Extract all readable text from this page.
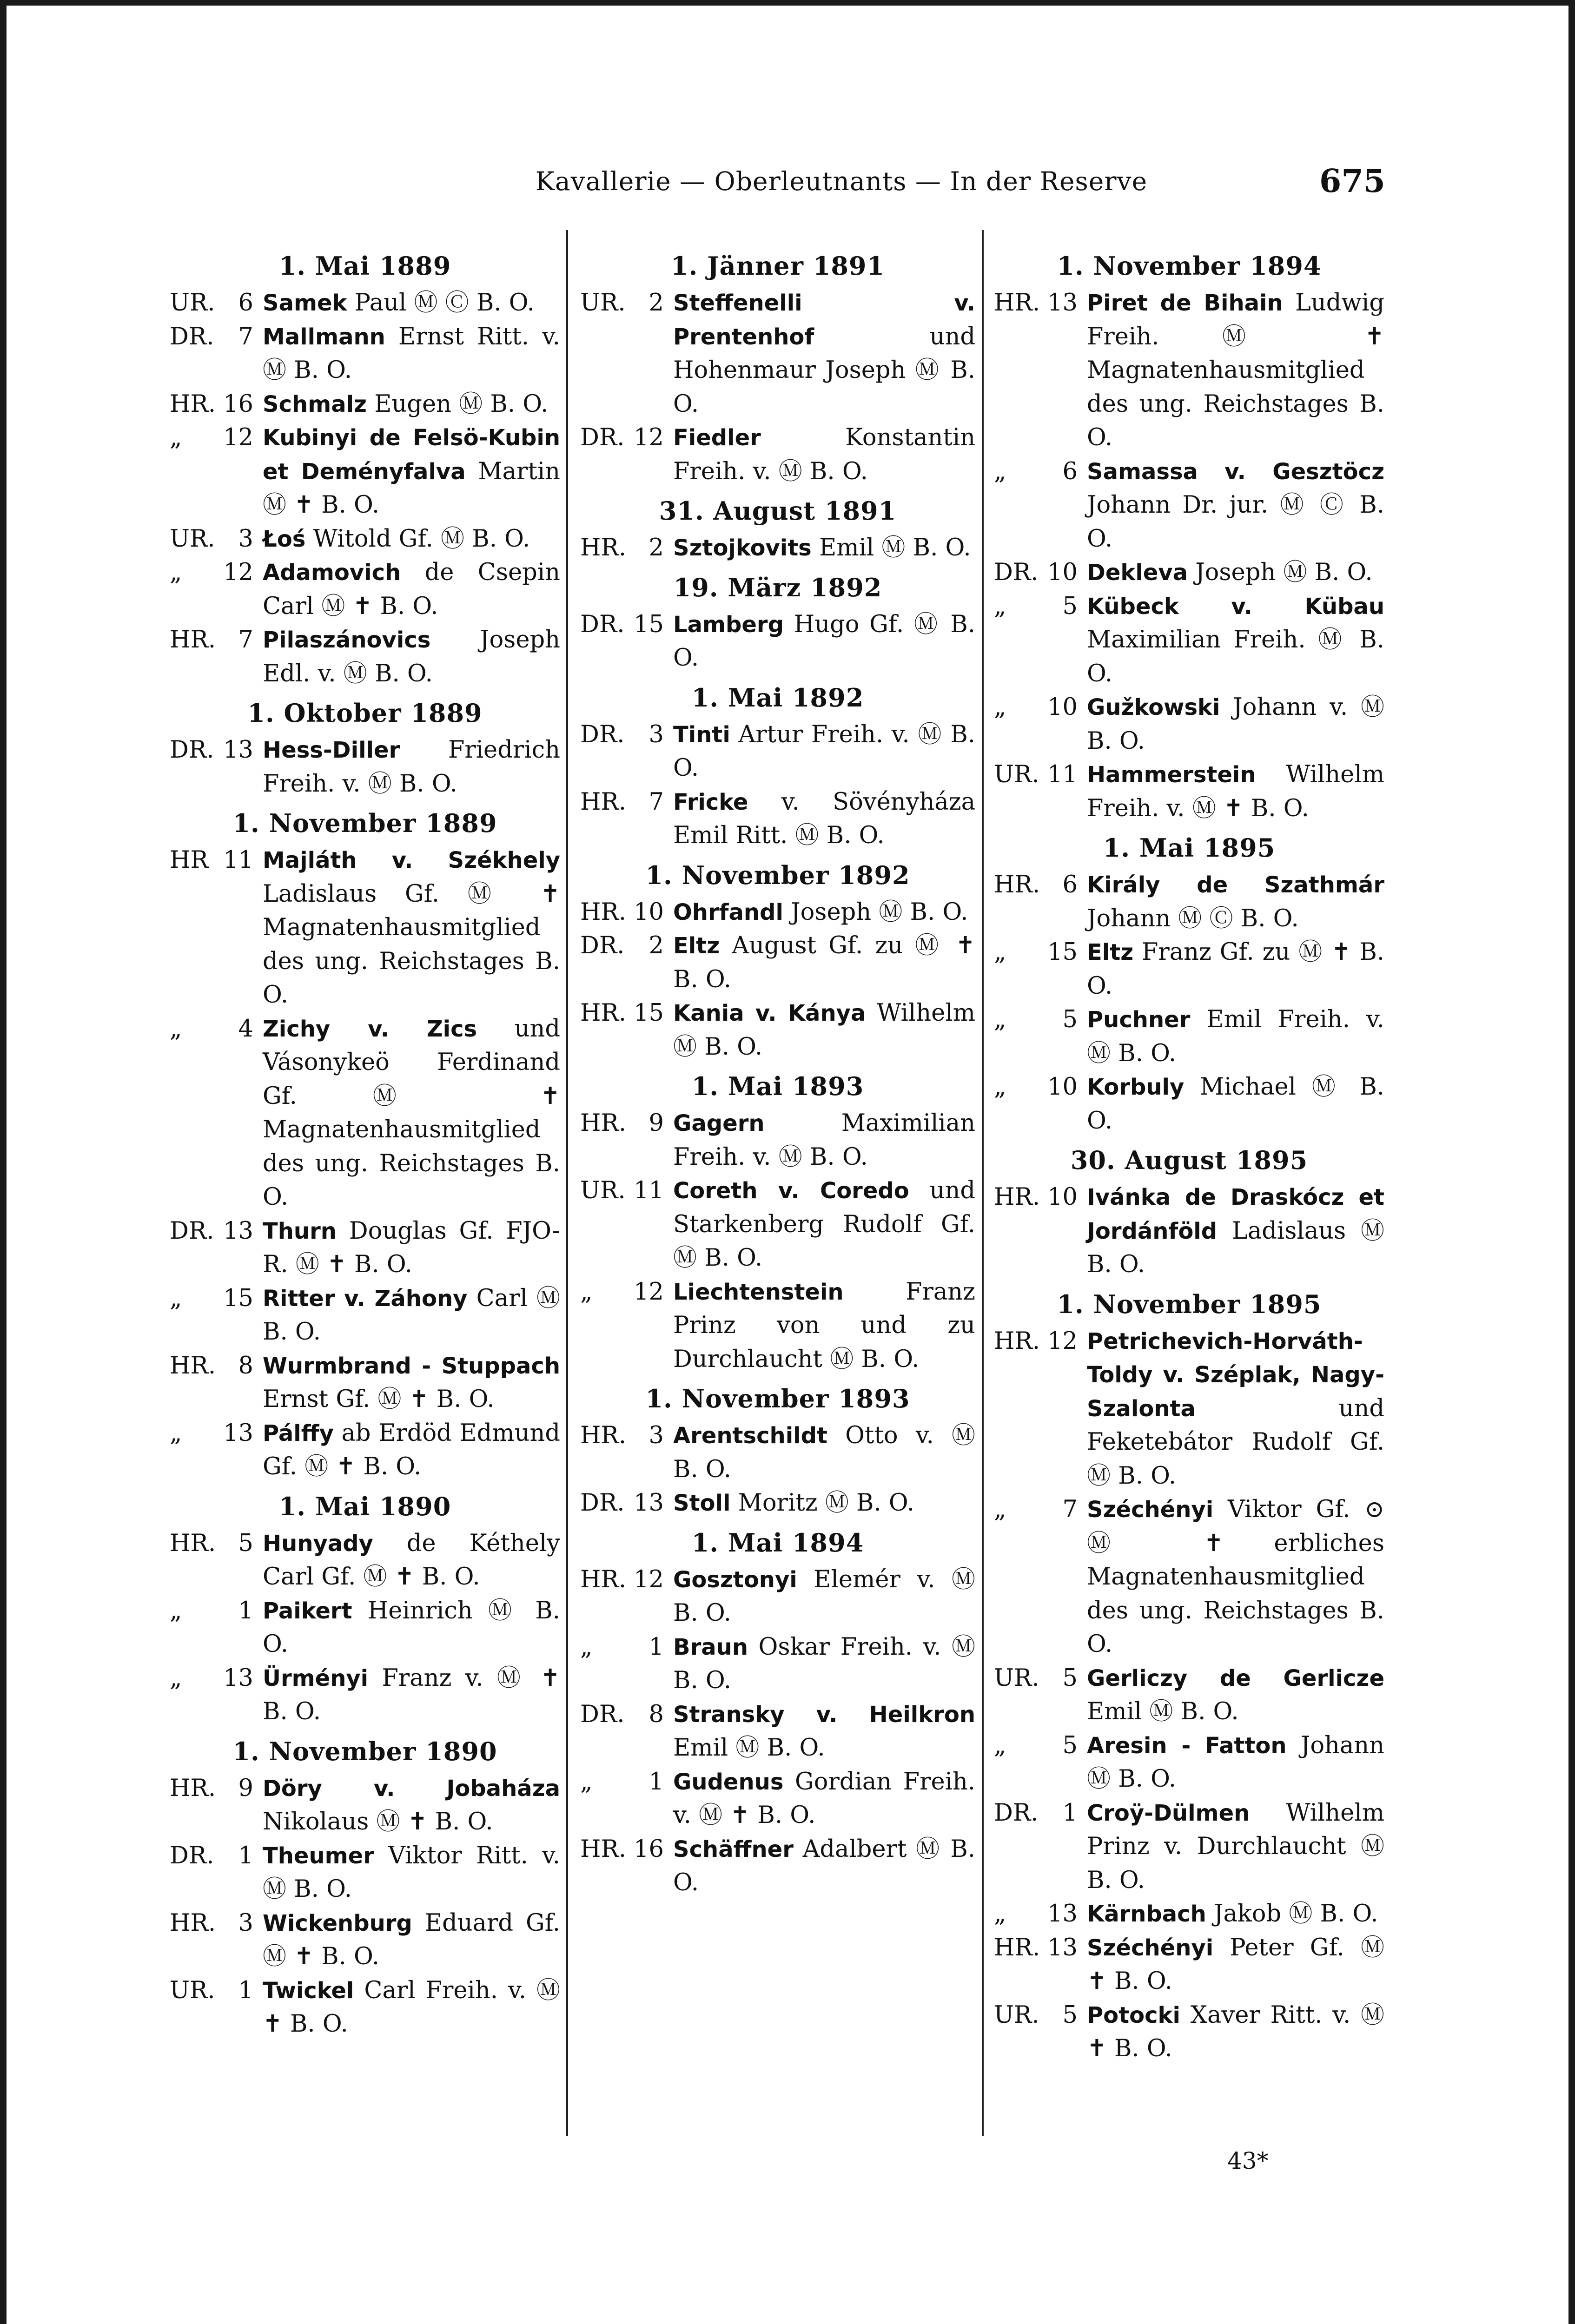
Kavallerie — Oberleutnants — In der Reserve	675
1. Mai 1889
UR. 6 Samek Paul Ⓜ Ⓒ B. O.
DR.	7 Mallmann Ernst Ritt. v. Ⓜ B. O.
HR. 16 Schmalz Eugen Ⓜ B. O.
„	12 Kubinyi de Felsö-Kubin et Deményfalva Martin Ⓜ ✝ B. O.
UR. 3 Łoś Witold Gf. Ⓜ B. O.
„	12 Adamovich de Csepin Carl Ⓜ ✝ B. O.
HR. 7 Pilaszánovics Joseph Edl. v. Ⓜ B. O.
1. Oktober 1889
DR. 13 Hess-Diller Friedrich Freih. v. Ⓜ B. O.
1. November 1889
HR 11 Majláth v. Székhely Ladislaus Gf. Ⓜ ✝ Magnatenhausmitglied des ung. Reichstages B. O.
„	4 Zichy v. Zics und Vásonykeö Ferdinand Gf. Ⓜ ✝ Magnatenhausmitglied des ung. Reichstages B. O.
DR. 13 Thurn Douglas Gf. FJO-R. Ⓜ ✝ B. O.
„	15 Ritter v. Záhony Carl Ⓜ B. O.
HR. 8 Wurmbrand - Stuppach Ernst Gf. Ⓜ ✝ B. O.
„	13 Pálffy ab Erdöd Edmund Gf. Ⓜ ✝ B. O.
1. Mai 1890
HR. 5 Hunyady de Kéthely Carl Gf. Ⓜ ✝ B. O.
„	1 Paikert Heinrich Ⓜ B. O.
„	13 Ürményi Franz v. Ⓜ ✝ B. O.
1. November 1890
HR. 9 Döry v. Jobaháza Nikolaus Ⓜ ✝ B. O.
DR.	1 Theumer Viktor Ritt. v. Ⓜ B. O.
HR. 3 Wickenburg Eduard Gf. Ⓜ ✝ B. O.
UR. 1 Twickel Carl Freih. v. Ⓜ ✝ B. O.
1. Jänner 1891
UR. 2 Steffenelli v. Prentenhof	und Hohenmaur Joseph Ⓜ B. O.
DR. 12 Fiedler	Konstantin Freih. v. Ⓜ B. O.
31. August 1891
HR. 2 Sztojkovits Emil Ⓜ B. O.
19. März 1892
DR. 15 Lamberg Hugo Gf. Ⓜ B. O.
1. Mai 1892
DR.	3 Tinti Artur Freih. v. Ⓜ B. O.
HR. 7 Fricke v. Sövényháza Emil Ritt. Ⓜ B. O.
1. November 1892
HR. 10 Ohrfandl Joseph Ⓜ B. O.
DR.	2 Eltz August Gf. zu Ⓜ ✝ B. O.
HR. 15 Kania v. Kánya Wilhelm Ⓜ B. O.
1. Mai 1893
HR. 9 Gagern	Maximilian Freih. v. Ⓜ B. O.
UR. 11 Coreth v. Coredo und Starkenberg Rudolf Gf. Ⓜ B. O.
„	12 Liechtenstein	Franz Prinz von und zu Durchlaucht Ⓜ B. O.
1. November 1893
HR. 3 Arentschildt Otto v. Ⓜ B. O.
DR. 13 Stoll Moritz Ⓜ B. O.
1. Mai 1894
HR. 12 Gosztonyi Elemér v. Ⓜ B. O.
„	1 Braun Oskar Freih. v. Ⓜ B. O.
DR.	8 Stransky v. Heilkron Emil Ⓜ B. O.
„	1 Gudenus Gordian Freih. v. Ⓜ ✝ B. O.
HR. 16 Schäffner Adalbert Ⓜ B. O.
1. November 1894
HR. 13 Piret de Bihain Ludwig Freih. Ⓜ ✝ Magnatenhausmitglied des ung. Reichstages B. O.
„	6 Samassa v. Gesztöcz Johann Dr. jur. Ⓜ Ⓒ B. O.
DR. 10 Dekleva Joseph Ⓜ B. O.
„	5 Kübeck v. Kübau Maximilian Freih. Ⓜ B. O.
„	10 Gužkowski Johann v. Ⓜ B. O.
UR. 11 Hammerstein Wilhelm Freih. v. Ⓜ ✝ B. O.
1. Mai 1895
HR. 6 Király de Szathmár Johann Ⓜ Ⓒ B. O.
„	15 Eltz Franz Gf. zu Ⓜ ✝ B. O.
„	5 Puchner Emil Freih. v. Ⓜ B. O.
„	10 Korbuly Michael Ⓜ B. O.
30. August 1895
HR. 10 Ivánka de Draskócz et Jordánföld Ladislaus Ⓜ B. O.
1. November 1895
HR. 12 Petrichevich-Horváth-Toldy v. Széplak, Nagy-Szalonta	und Feketebátor Rudolf Gf. Ⓜ B. O.
„	7 Széchényi Viktor Gf. ⊙ Ⓜ ✝ erbliches Magnatenhausmitglied des ung. Reichstages B. O.
UR. 5 Gerliczy de Gerlicze Emil Ⓜ B. O.
„	5 Aresin - Fatton Johann Ⓜ B. O.
DR.	1 Croÿ-Dülmen Wilhelm Prinz v. Durchlaucht Ⓜ B. O.
„	13 Kärnbach Jakob Ⓜ B. O.
HR. 13 Széchényi Peter Gf. Ⓜ ✝ B. O.
UR. 5 Potocki Xaver Ritt. v. Ⓜ ✝ B. O.
43*
